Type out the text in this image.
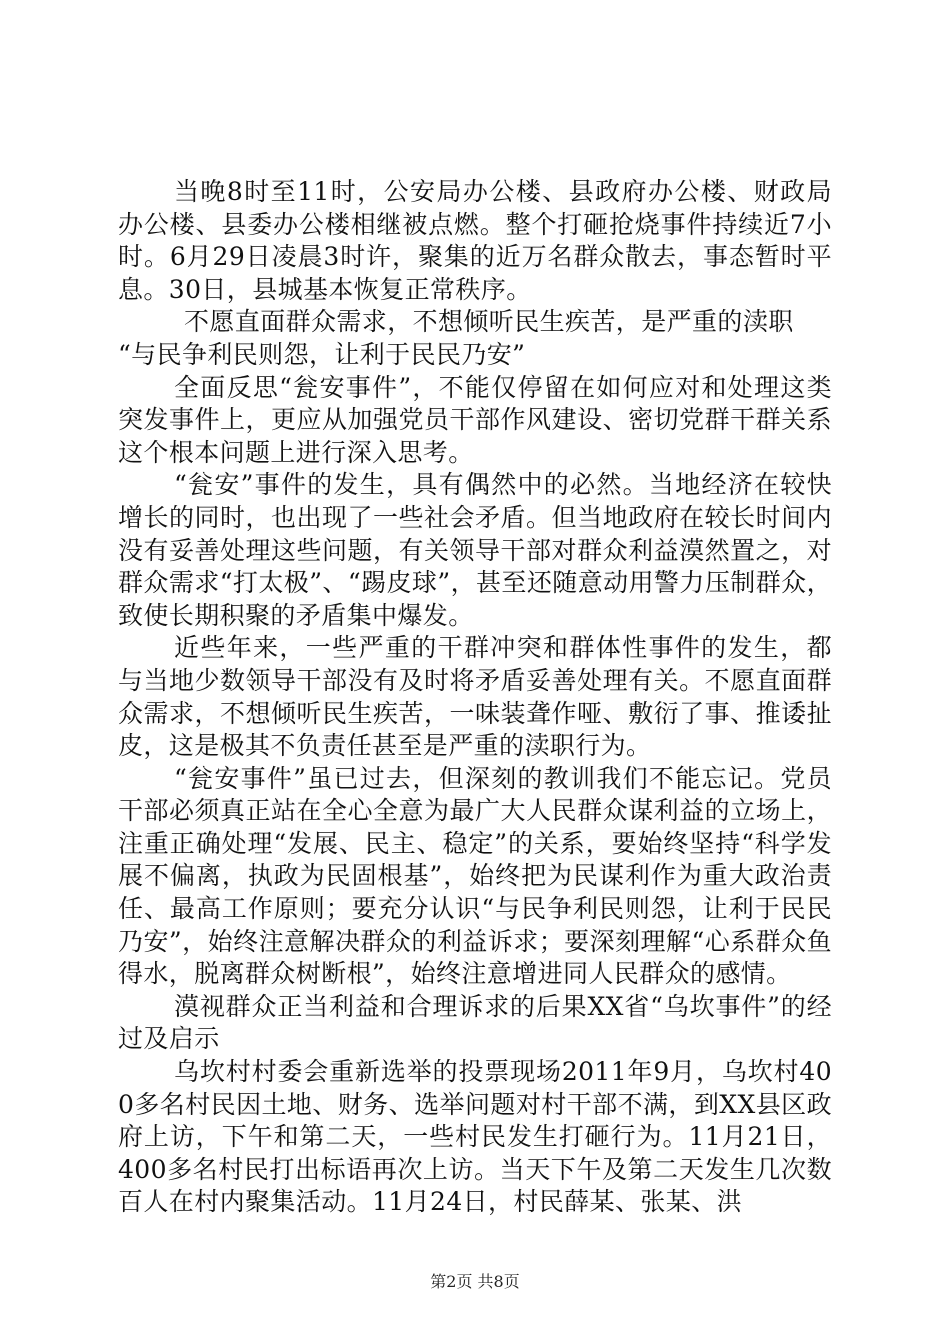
当晚8时至11时，公安局办公楼、县政府办公楼、财政局办公楼、县委办公楼相继被点燃。整个打砸抢烧事件持续近7小时。6月29日凌晨3时许，聚集的近万名群众散去，事态暂时平息。30日，县城基本恢复正常秩序。

不愿直面群众需求，不想倾听民生疾苦，是严重的渎职

“与民争利民则怨，让利于民民乃安”

全面反思“瓮安事件”，不能仅停留在如何应对和处理这类突发事件上，更应从加强党员干部作风建设、密切党群干群关系这个根本问题上进行深入思考。

“瓮安”事件的发生，具有偶然中的必然。当地经济在较快增长的同时，也出现了一些社会矛盾。但当地政府在较长时间内没有妥善处理这些问题，有关领导干部对群众利益漠然置之，对群众需求“打太极”、“踢皮球”，甚至还随意动用警力压制群众，致使长期积聚的矛盾集中爆发。

近些年来，一些严重的干群冲突和群体性事件的发生，都与当地少数领导干部没有及时将矛盾妥善处理有关。不愿直面群众需求，不想倾听民生疾苦，一味装聋作哑、敷衍了事、推诿扯皮，这是极其不负责任甚至是严重的渎职行为。

“瓮安事件”虽已过去，但深刻的教训我们不能忘记。党员干部必须真正站在全心全意为最广大人民群众谋利益的立场上，注重正确处理“发展、民主、稳定”的关系，要始终坚持“科学发展不偏离，执政为民固根基”，始终把为民谋利作为重大政治责任、最高工作原则；要充分认识“与民争利民则怨，让利于民民乃安”，始终注意解决群众的利益诉求；要深刻理解“心系群众鱼得水，脱离群众树断根”，始终注意增进同人民群众的感情。

漠视群众正当利益和合理诉求的后果XX省“乌坎事件”的经过及启示

乌坎村村委会重新选举的投票现场2011年9月，乌坎村400多名村民因土地、财务、选举问题对村干部不满，到XX县区政府上访，下午和第二天，一些村民发生打砸行为。11月21日，400多名村民打出标语再次上访。当天下午及第二天发生几次数百人在村内聚集活动。11月24日，村民薛某、张某、洪

第2页 共8页
